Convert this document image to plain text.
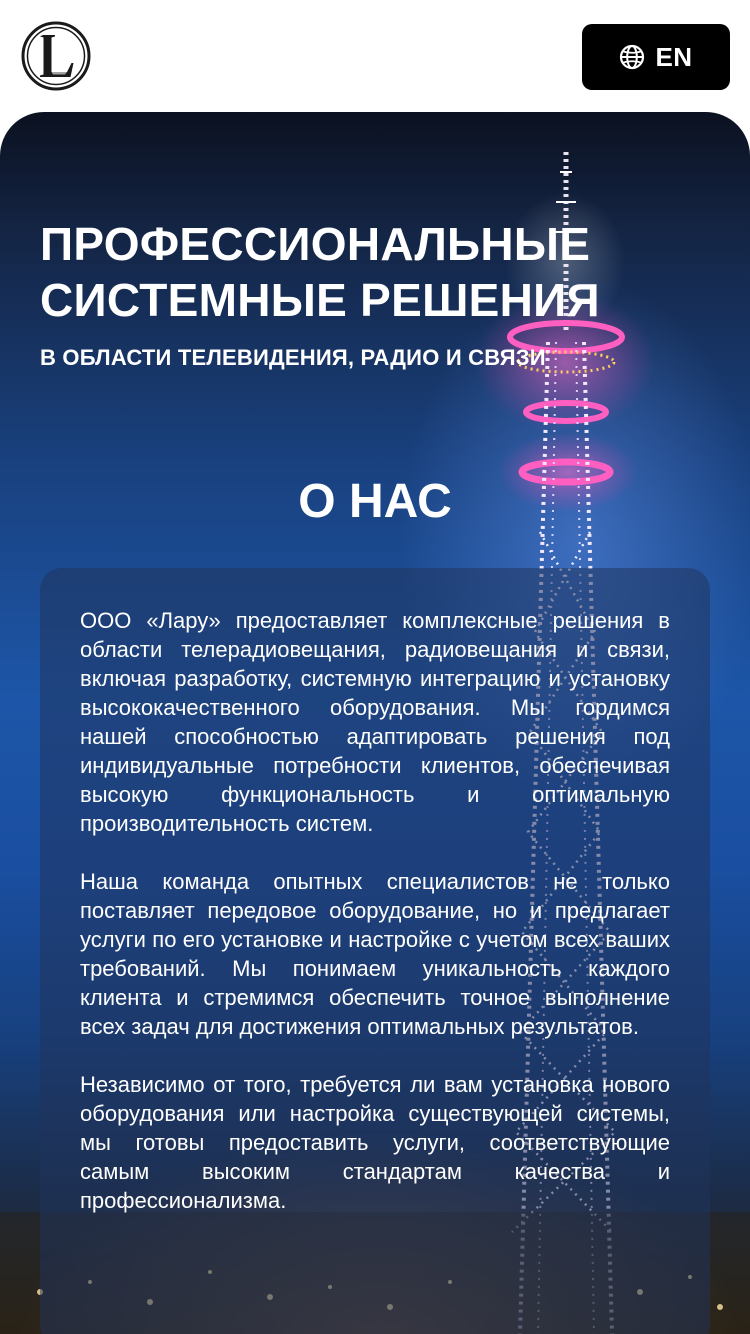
EN
ПРОФЕССИОНАЛЬНЫЕ
СИСТЕМНЫЕ РЕШЕНИЯ
В ОБЛАСТИ ТЕЛЕВИДЕНИЯ, РАДИО И СВЯЗИ
О НАС

ООО «Лару» предоставляет комплексные решения в области телерадиовещания, радиовещания и связи, включая разработку, системную интеграцию и установку высококачественного оборудования. Мы гордимся нашей способностью адаптировать решения под индивидуальные потребности клиентов, обеспечивая высокую функциональность и оптимальную производительность систем.

Наша команда опытных специалистов не только поставляет передовое оборудование, но и предлагает услуги по его установке и настройке с учетом всех ваших требований. Мы понимаем уникальность каждого клиента и стремимся обеспечить точное выполнение всех задач для достижения оптимальных результатов.

Независимо от того, требуется ли вам установка нового оборудования или настройка существующей системы, мы готовы предоставить услуги, соответствующие самым высоким стандартам качества и профессионализма.
